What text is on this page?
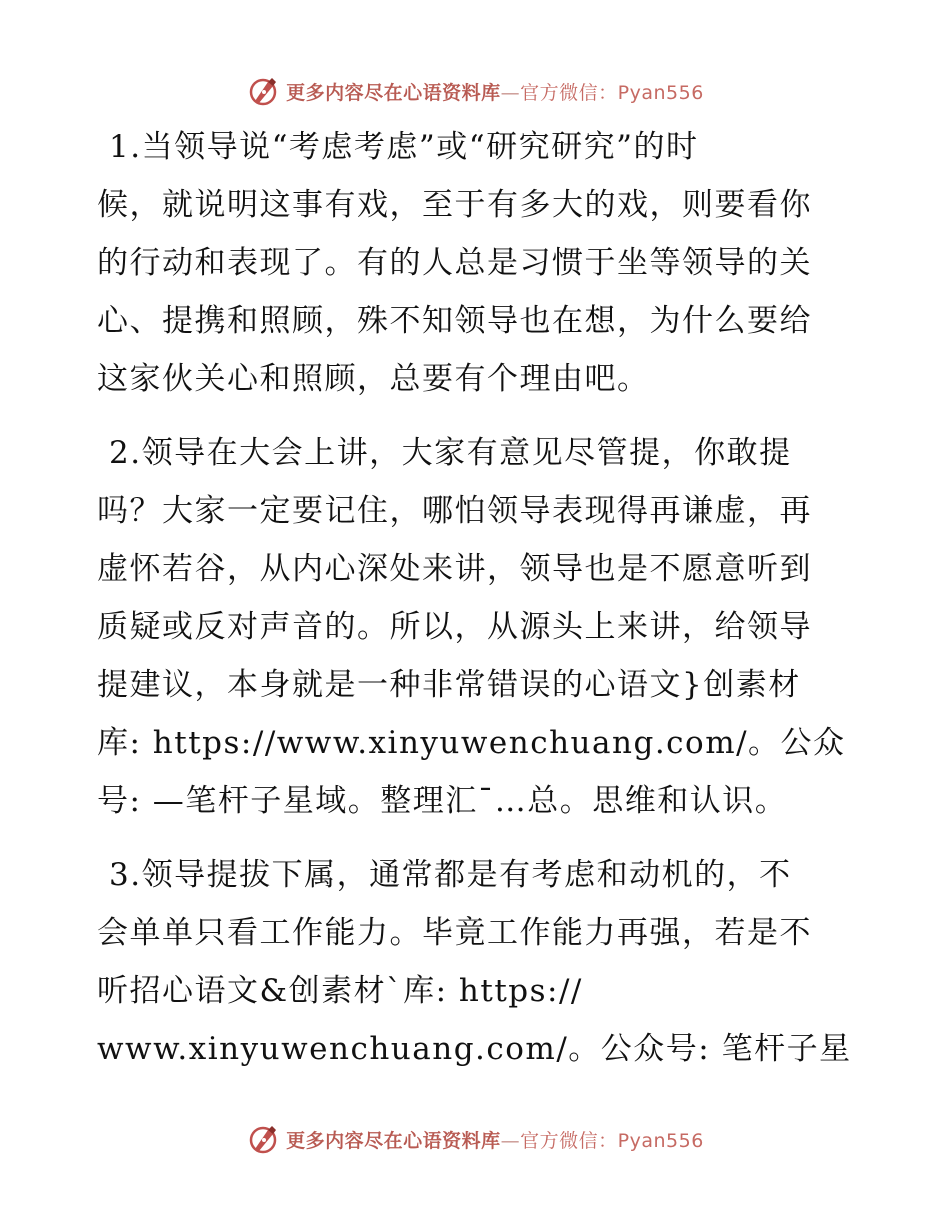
更多内容尽在心语资料库—官方微信：Pyan556
1.当领导说“考虑考虑”或“研究研究”的时
候，就说明这事有戏，至于有多大的戏，则要看你
的行动和表现了。有的人总是习惯于坐等领导的关
心、提携和照顾，殊不知领导也在想，为什么要给
这家伙关心和照顾，总要有个理由吧。
2.领导在大会上讲，大家有意见尽管提，你敢提
吗？大家一定要记住，哪怕领导表现得再谦虚，再
虚怀若谷，从内心深处来讲，领导也是不愿意听到
质疑或反对声音的。所以，从源头上来讲，给领导
提建议，本身就是一种非常错误的心语文}创素材
库: https://www.xinyuwenchuang.com/。公众
号: —笔杆子星域。整理汇¯…总。思维和认识。
3.领导提拔下属，通常都是有考虑和动机的，不
会单单只看工作能力。毕竟工作能力再强，若是不
听招心语文&创素材`库: https://
www.xinyuwenchuang.com/。公众号: 笔杆子星
更多内容尽在心语资料库—官方微信：Pyan556
